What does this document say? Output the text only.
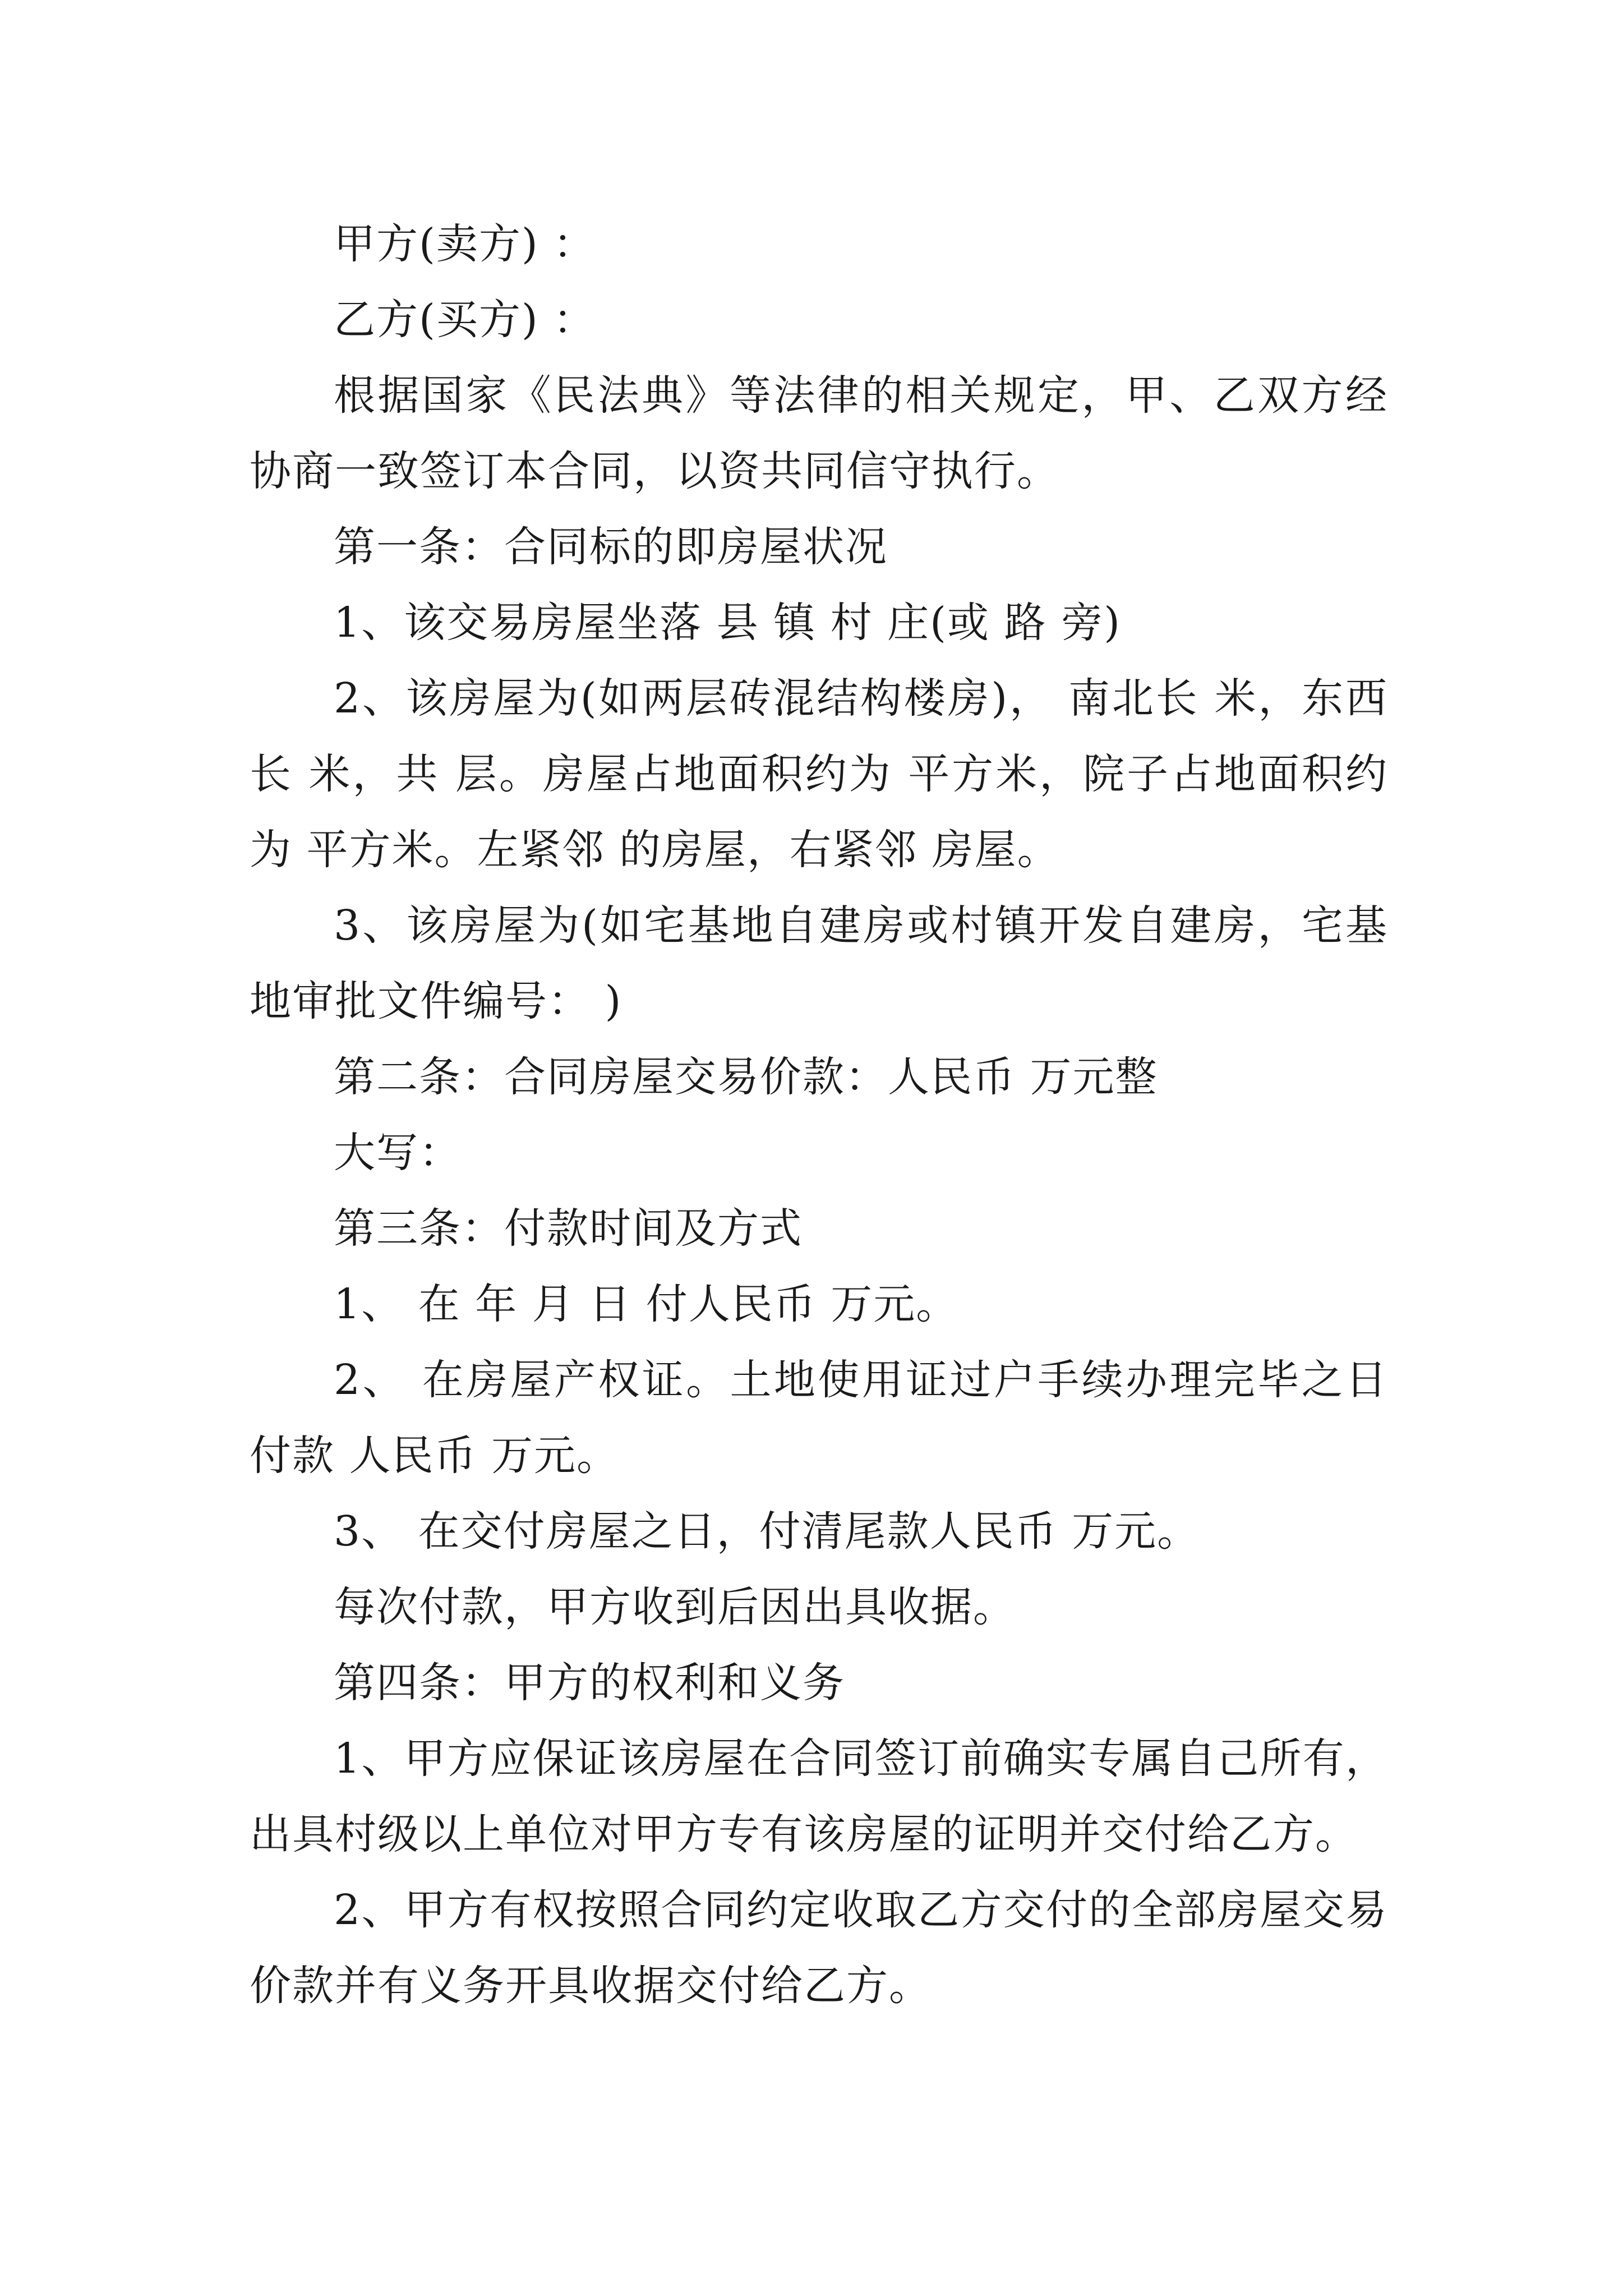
甲方(卖方) ：

乙方(买方) ：

根据国家《民法典》等法律的相关规定，甲、乙双方经协商一致签订本合同，以资共同信守执行。

第一条：合同标的即房屋状况

1、该交易房屋坐落 县 镇 村 庄(或 路 旁)

2、该房屋为(如两层砖混结构楼房)， 南北长 米，东西长 米，共 层。房屋占地面积约为 平方米，院子占地面积约为 平方米。左紧邻 的房屋，右紧邻 房屋。

3、该房屋为(如宅基地自建房或村镇开发自建房，宅基地审批文件编号： )

第二条：合同房屋交易价款：人民币 万元整

大写：

第三条：付款时间及方式

1、 在 年 月 日 付人民币 万元。

2、 在房屋产权证。土地使用证过户手续办理完毕之日付款 人民币 万元。

3、 在交付房屋之日，付清尾款人民币 万元。

每次付款，甲方收到后因出具收据。

第四条：甲方的权利和义务

1、甲方应保证该房屋在合同签订前确实专属自己所有，出具村级以上单位对甲方专有该房屋的证明并交付给乙方。

2、甲方有权按照合同约定收取乙方交付的全部房屋交易价款并有义务开具收据交付给乙方。
